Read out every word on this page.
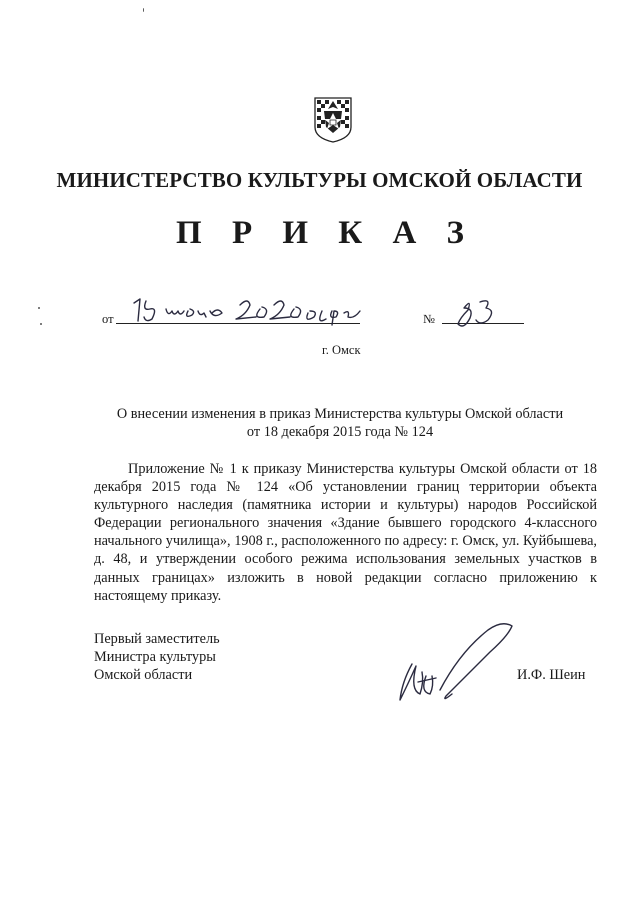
МИНИСТЕРСТВО КУЛЬТУРЫ ОМСКОЙ ОБЛАСТИ
П Р И К А З
от	№
г. Омск
О внесении изменения в приказ Министерства культуры Омской области
от 18 декабря 2015 года № 124

Приложение № 1 к приказу Министерства культуры Омской области от 18 декабря 2015 года № 124 «Об установлении границ территории объекта культурного наследия (памятника истории и культуры) народов Российской Федерации регионального значения «Здание бывшего городского 4-классного начального училища», 1908 г., расположенного по адресу: г. Омск, ул. Куйбышева, д. 48, и утверждении особого режима использования земельных участков в данных границах» изложить в новой редакции согласно приложению к настоящему приказу.

Первый заместитель
Министра культуры
Омской области	И.Ф. Шеин
